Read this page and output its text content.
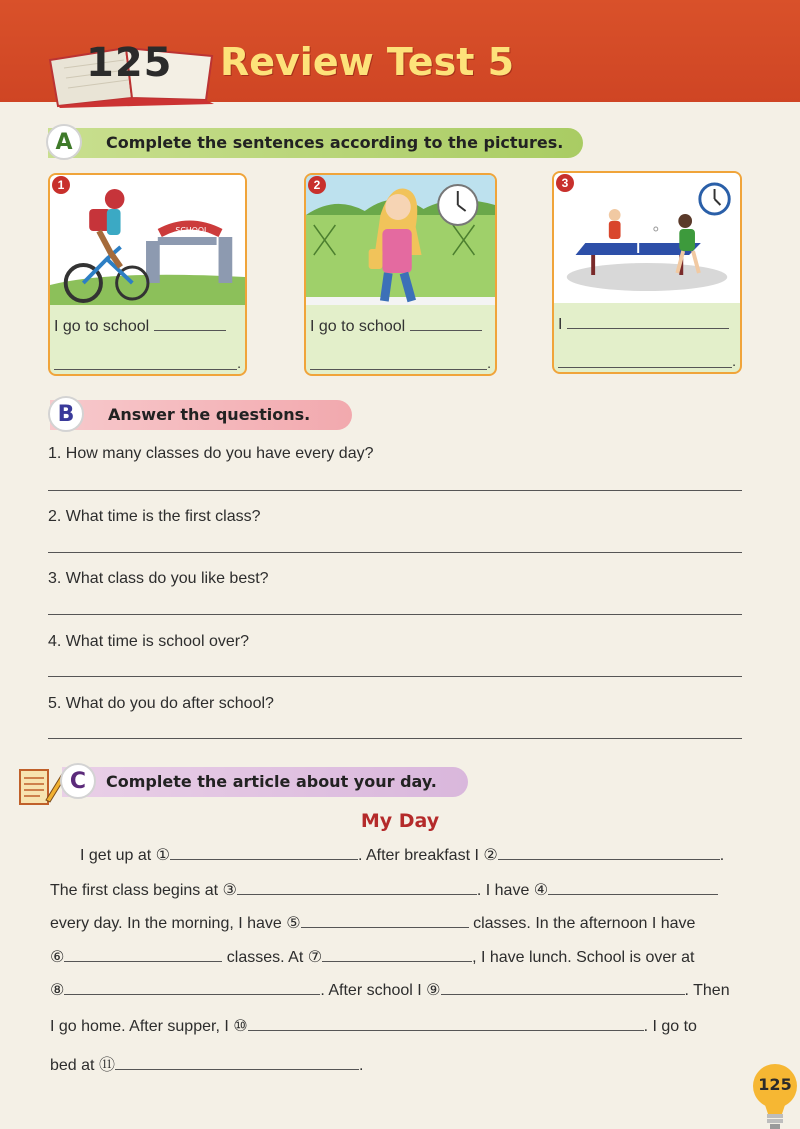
125 Review Test 5
A	Complete the sentences according to the pictures.
1
SCHOOL
I go to school
.
2
I go to school
.
3
I
.
B	Answer the questions.
1. How many classes do you have every day?
2. What time is the first class?
3. What class do you like best?
4. What time is school over?
5. What do you do after school?
C	Complete the article about your day.
My Day
I get up at ①	. After breakfast I ②	.
The first class begins at ③	. I have ④
every day. In the morning, I have ⑤	classes. In the afternoon I have
⑥	classes. At ⑦	, I have lunch. School is over at
⑧	. After school I ⑨	. Then
I go home. After supper, I ⑩	. I go to
bed at ⑪	.
125
